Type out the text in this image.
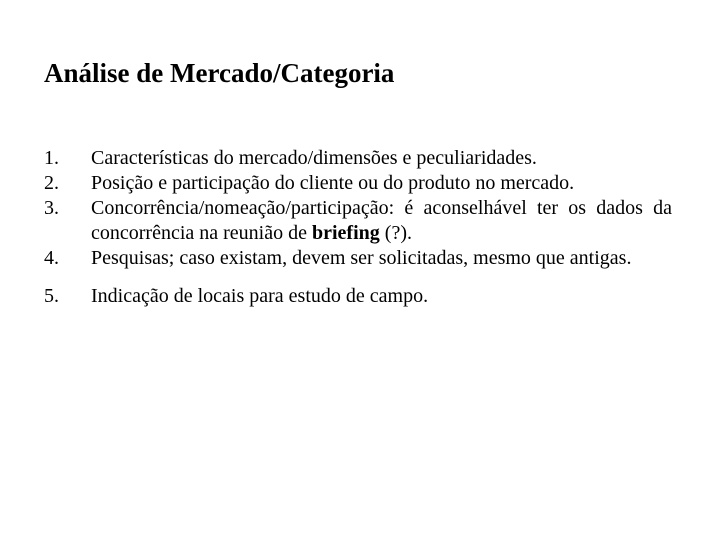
Análise de Mercado/Categoria
1.	Características do mercado/dimensões e peculiaridades.
2.	Posição e participação do cliente ou do produto no mercado.
3.	Concorrência/nomeação/participação: é aconselhável ter os dados da concorrência na reunião de briefing (?).
4.	Pesquisas; caso existam, devem ser solicitadas, mesmo que antigas.
5.	Indicação de locais para estudo de campo.
